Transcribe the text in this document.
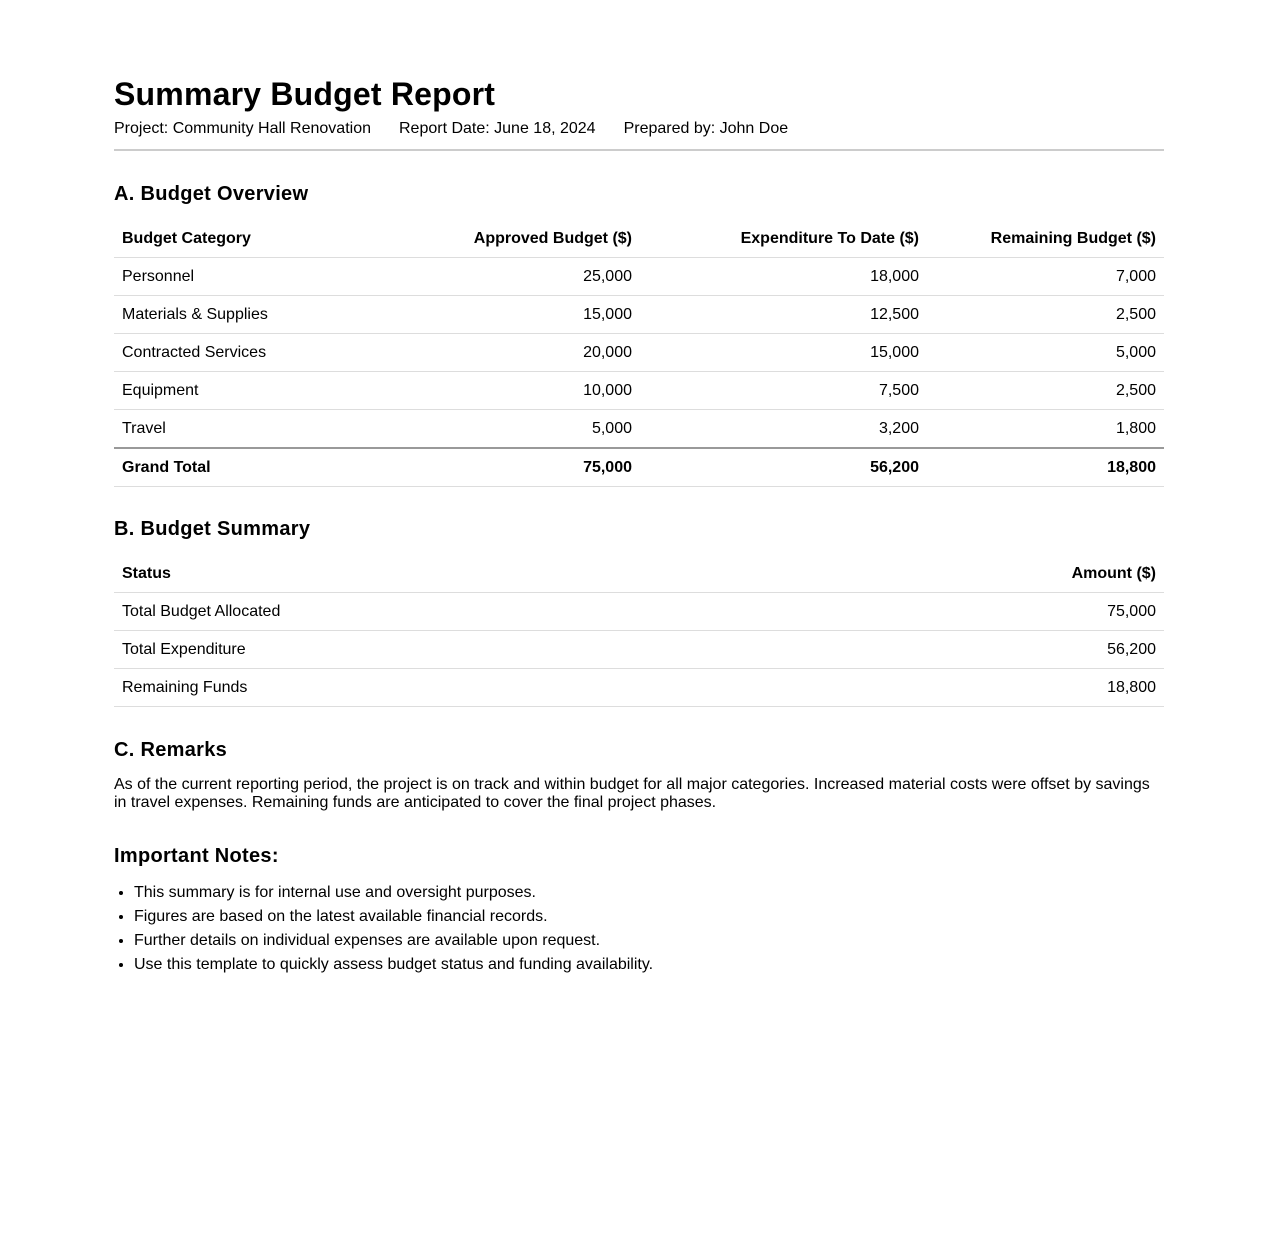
Summary Budget Report
Project: Community Hall Renovation Report Date: June 18, 2024 Prepared by: John Doe
A. Budget Overview
Budget Category	Approved Budget ($)	Expenditure To Date ($)	Remaining Budget ($)
Personnel	25,000	18,000	7,000
Materials & Supplies	15,000	12,500	2,500
Contracted Services	20,000	15,000	5,000
Equipment	10,000	7,500	2,500
Travel	5,000	3,200	1,800
Grand Total	75,000	56,200	18,800
B. Budget Summary
Status	Amount ($)
Total Budget Allocated	75,000
Total Expenditure	56,200
Remaining Funds	18,800
C. Remarks

As of the current reporting period, the project is on track and within budget for all major categories. Increased material costs were offset by savings in travel expenses. Remaining funds are anticipated to cover the final project phases.

Important Notes:
• This summary is for internal use and oversight purposes.
• Figures are based on the latest available financial records.
• Further details on individual expenses are available upon request.
• Use this template to quickly assess budget status and funding availability.
